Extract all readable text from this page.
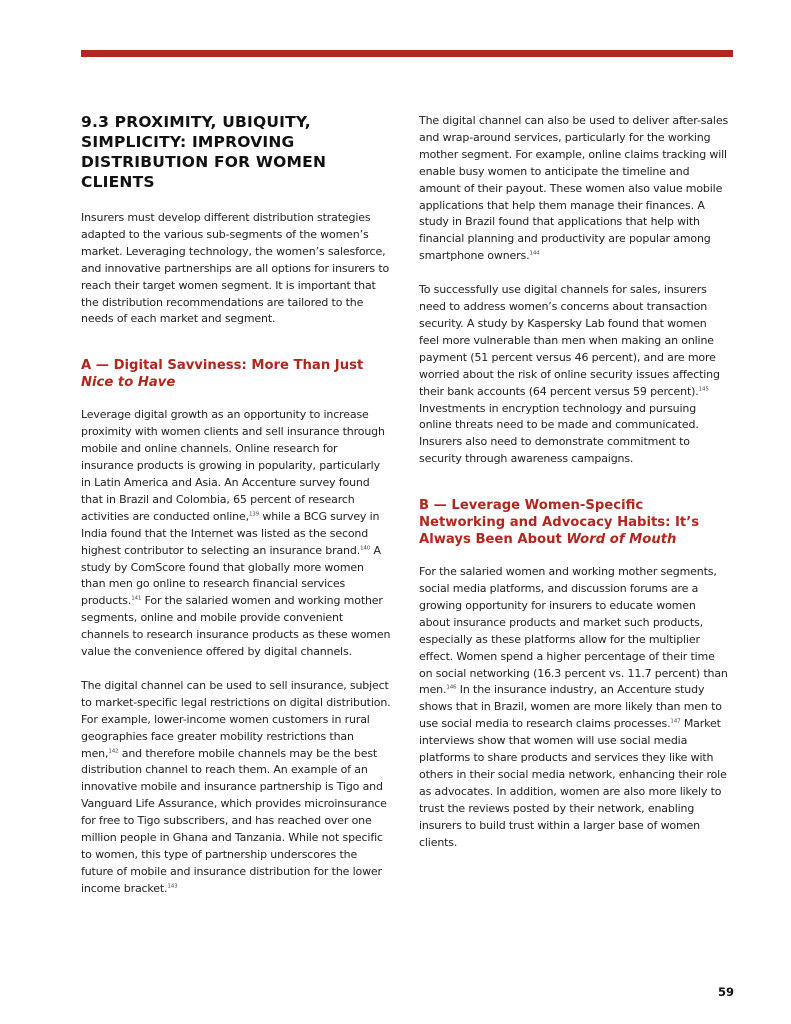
9.3 PROXIMITY, UBIQUITY, SIMPLICITY: IMPROVING DISTRIBUTION FOR WOMEN CLIENTS

Insurers must develop different distribution strategies adapted to the various sub-segments of the women’s market. Leveraging technology, the women’s salesforce, and innovative partnerships are all options for insurers to reach their target women segment. It is important that the distribution recommendations are tailored to the needs of each market and segment.

A — Digital Savviness: More Than Just Nice to Have

Leverage digital growth as an opportunity to increase proximity with women clients and sell insurance through mobile and online channels. Online research for insurance products is growing in popularity, particularly in Latin America and Asia. An Accenture survey found that in Brazil and Colombia, 65 percent of research activities are conducted online,$^{139}$ while a BCG survey in India found that the Internet was listed as the second highest contributor to selecting an insurance brand.$^{140}$ A study by ComScore found that globally more women than men go online to research financial services products.$^{141}$ For the salaried women and working mother segments, online and mobile provide convenient channels to research insurance products as these women value the convenience offered by digital channels.

The digital channel can be used to sell insurance, subject to market-specific legal restrictions on digital distribution. For example, lower-income women customers in rural geographies face greater mobility restrictions than men,$^{142}$ and therefore mobile channels may be the best distribution channel to reach them. An example of an innovative mobile and insurance partnership is Tigo and Vanguard Life Assurance, which provides microinsurance for free to Tigo subscribers, and has reached over one million people in Ghana and Tanzania. While not specific to women, this type of partnership underscores the future of mobile and insurance distribution for the lower income bracket.$^{143}$

The digital channel can also be used to deliver after-sales and wrap-around services, particularly for the working mother segment. For example, online claims tracking will enable busy women to anticipate the timeline and amount of their payout. These women also value mobile applications that help them manage their finances. A study in Brazil found that applications that help with financial planning and productivity are popular among smartphone owners.$^{144}$

To successfully use digital channels for sales, insurers need to address women’s concerns about transaction security. A study by Kaspersky Lab found that women feel more vulnerable than men when making an online payment (51 percent versus 46 percent), and are more worried about the risk of online security issues affecting their bank accounts (64 percent versus 59 percent).$^{145}$ Investments in encryption technology and pursuing online threats need to be made and communicated. Insurers also need to demonstrate commitment to security through awareness campaigns.

B — Leverage Women-Specific Networking and Advocacy Habits: It’s Always Been About Word of Mouth

For the salaried women and working mother segments, social media platforms, and discussion forums are a growing opportunity for insurers to educate women about insurance products and market such products, especially as these platforms allow for the multiplier effect. Women spend a higher percentage of their time on social networking (16.3 percent vs. 11.7 percent) than men.$^{146}$ In the insurance industry, an Accenture study shows that in Brazil, women are more likely than men to use social media to research claims processes.$^{147}$ Market interviews show that women will use social media platforms to share products and services they like with others in their social media network, enhancing their role as advocates. In addition, women are also more likely to trust the reviews posted by their network, enabling insurers to build trust within a larger base of women clients.

59
